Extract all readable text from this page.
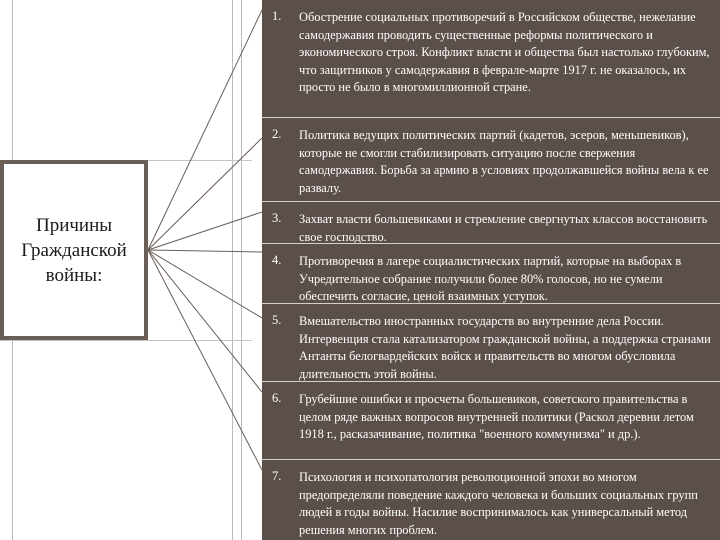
Причины
Гражданской
войны:
1. Обострение социальных противоречий в Российском обществе, нежелание самодержавия проводить существенные реформы политического и экономического строя. Конфликт власти и общества был настолько глубоким, что защитников у самодержавия в феврале-марте 1917 г. не оказалось, их просто не было в многомиллионной стране.
2. Политика ведущих политических партий (кадетов, эсеров, меньшевиков), которые не смогли стабилизировать ситуацию после свержения самодержавия. Борьба за армию в условиях продолжавшейся войны вела к ее развалу.
3. Захват власти большевиками и стремление свергнутых классов восстановить свое господство.
4. Противоречия в лагере социалистических партий, которые на выборах в Учредительное собрание получили более 80% голосов, но не сумели обеспечить согласие, ценой взаимных уступок.
5. Вмешательство иностранных государств во внутренние дела России. Интервенция стала катализатором гражданской войны, а поддержка странами Антанты белогвардейских войск и правительств во многом обусловила длительность этой войны.
6. Грубейшие ошибки и просчеты большевиков, советского правительства в целом ряде важных вопросов внутренней политики (Раскол деревни летом 1918 г., расказачивание, политика "военного коммунизма" и др.).
7. Психология и психопатология революционной эпохи во многом предопределяли поведение каждого человека и больших социальных групп людей в годы войны. Насилие воспринималось как универсальный метод решения многих проблем.
